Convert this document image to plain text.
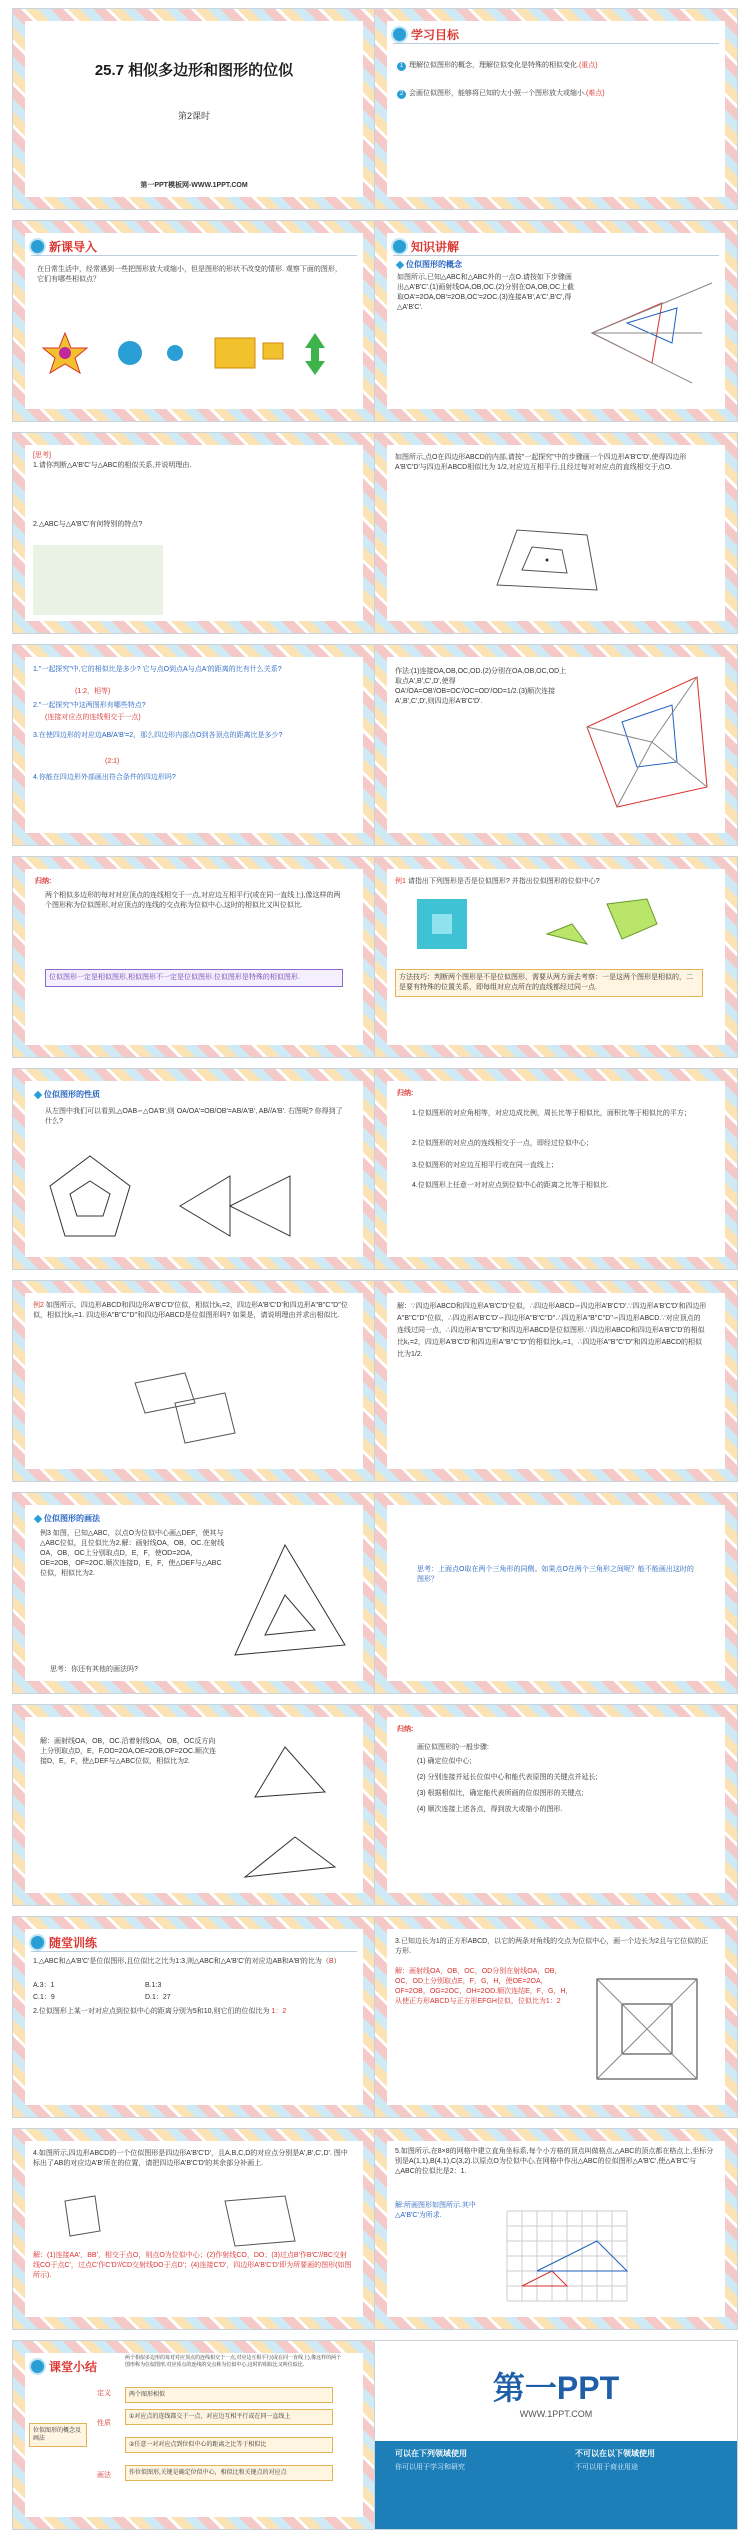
25.7 相似多边形和图形的位似
第2课时
第一PPT模板网-WWW.1PPT.COM
学习目标
1 理解位似图形的概念，理解位似变化是特殊的相似变化.(重点)
2 会画位似图形，能够将已知的大小照一个图形放大或缩小.(难点)
新课导入
在日常生活中，经常遇到一些把图形放大或缩小，但是图形的形状不改变的情形. 观察下面的图形，它们有哪些相似点？
知识讲解
位似图形的概念
如图所示,已知△ABC和△ABC外的一点O.请按如下步骤画出△A'B'C'.(1)画射线OA,OB,OC.(2)分别在OA,OB,OC上截取OA'=2OA,OB'=2OB,OC'=2OC.(3)连接A'B',A'C',B'C',得△A'B'C'.
[思考]
1.请你判断△A'B'C'与△ABC的相似关系,并说明理由.
2.△ABC与△A'B'C'有何特别的特点?
如图所示,点O在四边形ABCD的内部,请按"一起探究"中的步骤画一个四边形A'B'C'D',使得四边形A'B'C'D'与四边形ABCD相似比为 1/2,对应边互相平行,且经过每对对应点的直线相交于点O.
1."一起探究"中,它的相似比是多少? 它与点O到点A与点A'的距离的比有什么关系?
(1:2，相等)
2."一起探究"中这两图形有哪些特点?
(连接对应点的连线相交于一点)
3.在使四边形的对应边AB/A'B'=2，那么四边形内部点O到各顶点的距离比是多少?
(2:1)
4.你能在四边形外部画出符合条件的四边形吗?
作法:(1)连接OA,OB,OC,OD.(2)分别在OA,OB,OC,OD上取点A',B',C',D',使得OA'/OA=OB'/OB=OC'/OC=OD'/OD=1/2.(3)顺次连接A',B',C',D',则四边形A'B'C'D'.
归纳:
两个相似多边形的每对对应顶点的连线相交于一点,对应边互相平行(或在同一直线上),像这样的两个图形称为位似图形,对应顶点的连线的交点称为位似中心,这时的相似比又叫位似比.
位似图形一定是相似图形,相似图形不一定是位似图形.位似图形是特殊的相似图形.
例1 请指出下列图形是否是位似图形? 并指出位似图形的位似中心?
方法技巧：判断两个图形是不是位似图形，需要从两方面去考察：一是这两个图形是相似的，二是要有特殊的位置关系，即每组对应点所在的直线都经过同一点.
位似图形的性质
从左图中我们可以看到,△OAB∽△OA'B',则 OA/OA'=OB/OB'=AB/A'B', AB//A'B'. 右图呢? 你得到了什么?
归纳:
1.位似图形的对应角相等，对应边成比例，周长比等于相似比，面积比等于相似比的平方；
2.位似图形的对应点的连线相交于一点，即经过位似中心；
3.位似图形的对应边互相平行或在同一直线上；
4.位似图形上任意一对对应点到位似中心的距离之比等于相似比.
例2 如图所示，四边形ABCD和四边形A'B'C'D'位似，相似比k₁=2，四边形A'B'C'D'和四边形A''B''C''D''位似，相似比k₂=1. 四边形A''B''C''D''和四边形ABCD是位似图形吗? 如果是，请说明理由并求出相似比.
解：∵四边形ABCD和四边形A'B'C'D'位似，∴四边形ABCD∽四边形A'B'C'D'.∵四边形A'B'C'D'和四边形A''B''C''D''位似，∴四边形A'B'C'D'∽四边形A''B''C''D''.∴四边形A''B''C''D''∽四边形ABCD.∵对应顶点的连线过同一点，∴四边形A''B''C''D''和四边形ABCD是位似图形.∵四边形ABCD和四边形A'B'C'D'的相似比k₁=2，四边形A'B'C'D'和四边形A''B''C''D''的相似比k₂=1，∴四边形A''B''C''D''和四边形ABCD的相似比为1/2.
位似图形的画法
例3 如图，已知△ABC，以点O为位似中心画△DEF，使其与△ABC位似，且位似比为2.解：画射线OA，OB，OC.在射线OA，OB，OC上分别取点D，E，F，使OD=2OA，OE=2OB，OF=2OC.顺次连接D，E，F，使△DEF与△ABC位似，相似比为2.
思考：你还有其他的画法吗?
思考：上面点O取在两个三角形的同侧。如果点O在两个三角形之间呢？能不能画出这时的图形？
解：画射线OA，OB，OC.沿着射线OA，OB，OC反方向上分别取点D，E，F,OD=2OA,OE=2OB,OF=2OC.顺次连接D，E，F，使△DEF与△ABC位似，相似比为2.
归纳:
画位似图形的一般步骤:
(1) 确定位似中心;
(2) 分别连接并延长位似中心和能代表原图的关键点并延长;
(3) 根据相似比，确定能代表所画的位似图形的关键点;
(4) 顺次连接上述各点，得到放大或缩小的图形.
随堂训练
1.△ABC和△A'B'C'是位似图形,且位似比之比为1:3,则△ABC和△A'B'C'的对应边AB和A'B'的比为（B）
A.3：1	B.1:3
C.1：9	D.1：27
2.位似图形上某一对对应点到位似中心的距离分别为5和10,则它们的位似比为 1：2
3.已知边长为1的正方形ABCD，以它的两条对角线的交点为位似中心，画一个边长为2且与它位似的正方形.
解：画射线OA，OB，OC，OD分别在射线OA，OB，OC，OD上分别取点E，F，G，H，使OE=2OA，OF=2OB，OG=2OC，OH=2OD.顺次连结E，F，G，H，从使正方形ABCD与正方形EFGH位似，位似比为1：2
4.如图所示,四边形ABCD的一个位似图形是四边形A'B'C'D'，且A,B,C,D的对应点分别是A',B',C',D'. 图中标出了AB的对应边A'B'所在的位置，请把四边形A'B'C'D'的其余部分补画上.
解：(1)连接AA'，BB'，相交于点O，则点O为位似中心；(2)作射线CO，DO；(3)过点B'作B'C'//BC交射线CO于点C'，过点C'作C'D'//CD交射线DO于点D'；(4)连接C'D'，四边形A'B'C'D'即为所要画的图形(如图所示).
5.如图所示,在8×8的网格中建立直角坐标系,每个小方格的顶点叫做格点,△ABC的顶点都在格点上,坐标分别是A(1,1),B(4,1),C(3,2).以原点O为位似中心,在网格中作出△ABC的位似图形△A'B'C',使△A'B'C'与△ABC的位似比是2：1.
解:所画图形如图所示.其中△A'B'C'为所求.
课堂小结
两个相似多边形的每对对应顶点的连线相交于一点,对应边互相平行(或在同一直线上),像这样的两个图形称为位似图形,对应顶点的连线的交点称为位似中心,这时的相似比又叫位似比.
位似图形的概念及画法
定义	两个图形相似
性质
①对应点的连线都交于一点，对应边互相平行或在同一直线上
②任意一对对应点到位似中心的距离之比等于相似比
画法	作位似图形,关键是确定位似中心，相似比和关键点的对应点
第一PPT
WWW.1PPT.COM
可以在下列领域使用
你可以用于学习和研究
不可以在以下领域使用
不可以用于商业用途
